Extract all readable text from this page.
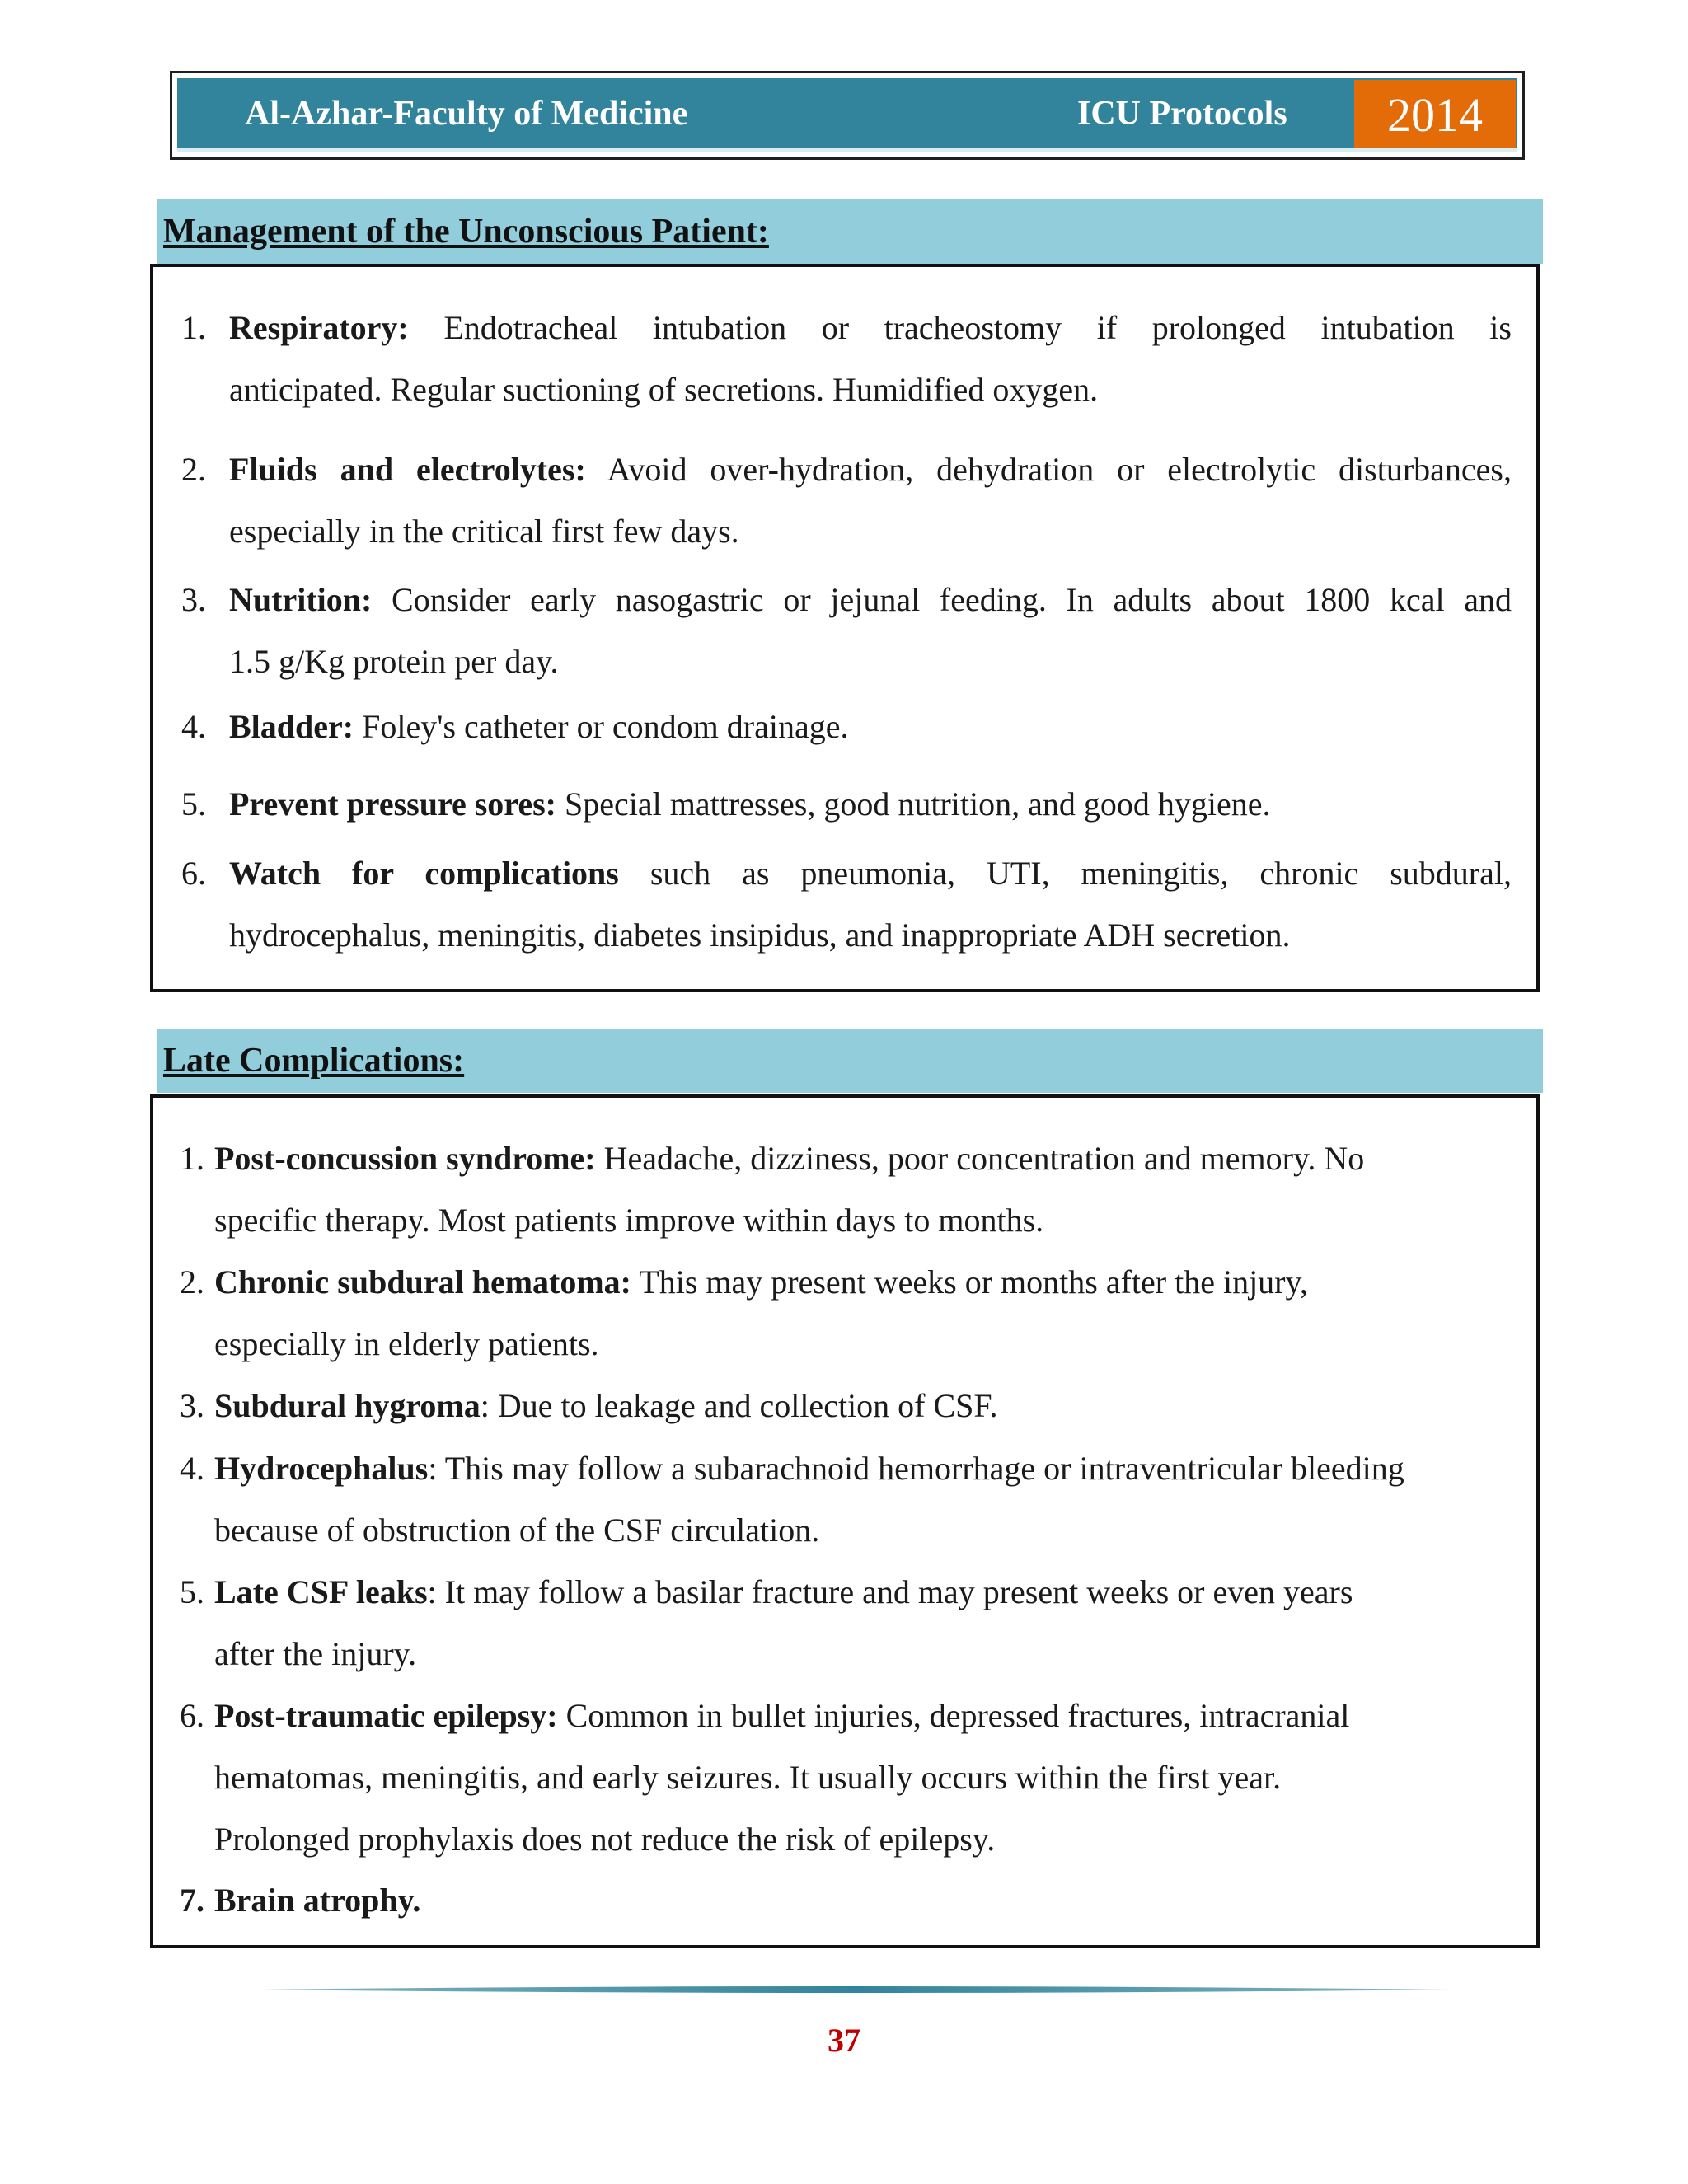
Al-Azhar-Faculty of Medicine	ICU Protocols	2014
Management of the Unconscious Patient:
1. Respiratory: Endotracheal intubation or tracheostomy if prolonged intubation is
anticipated. Regular suctioning of secretions. Humidified oxygen.
2. Fluids and electrolytes: Avoid over-hydration, dehydration or electrolytic disturbances,
especially in the critical first few days.
3. Nutrition: Consider early nasogastric or jejunal feeding. In adults about 1800 kcal and
1.5 g/Kg protein per day.
4. Bladder: Foley's catheter or condom drainage.
5. Prevent pressure sores: Special mattresses, good nutrition, and good hygiene.
6. Watch for complications such as pneumonia, UTI, meningitis, chronic subdural,
hydrocephalus, meningitis, diabetes insipidus, and inappropriate ADH secretion.
Late Complications:
1. Post-concussion syndrome: Headache, dizziness, poor concentration and memory. No
specific therapy. Most patients improve within days to months.
2. Chronic subdural hematoma: This may present weeks or months after the injury,
especially in elderly patients.
3. Subdural hygroma: Due to leakage and collection of CSF.
4. Hydrocephalus: This may follow a subarachnoid hemorrhage or intraventricular bleeding
because of obstruction of the CSF circulation.
5. Late CSF leaks: It may follow a basilar fracture and may present weeks or even years
after the injury.
6. Post-traumatic epilepsy: Common in bullet injuries, depressed fractures, intracranial
hematomas, meningitis, and early seizures. It usually occurs within the first year.
Prolonged prophylaxis does not reduce the risk of epilepsy.
7. Brain atrophy.
37
